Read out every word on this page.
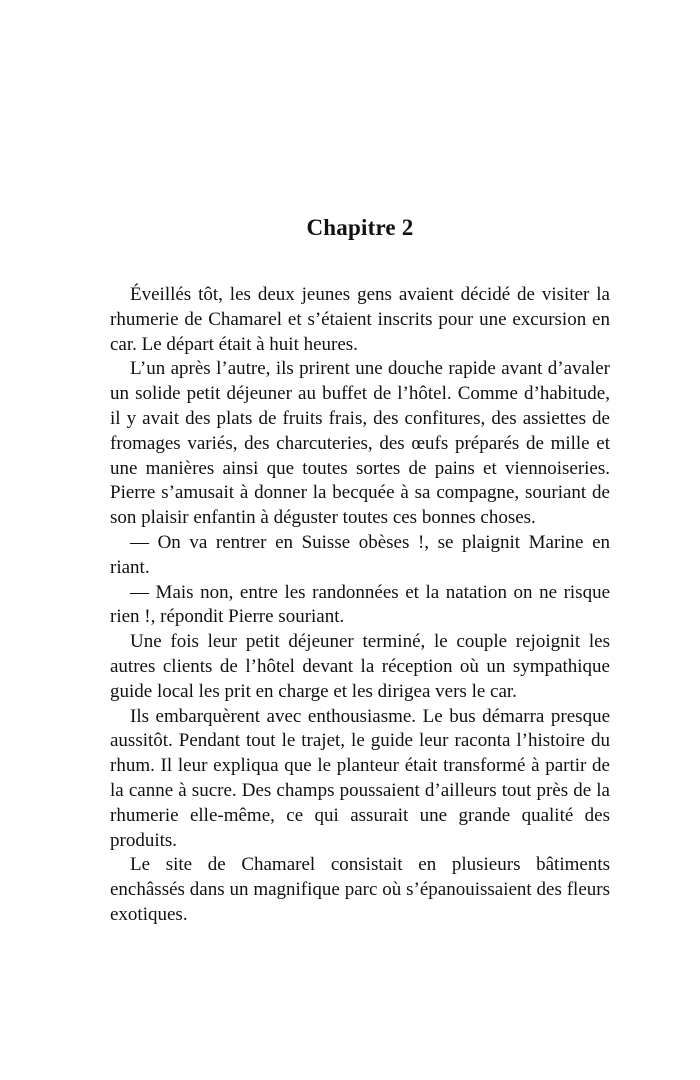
Chapitre 2

Éveillés tôt, les deux jeunes gens avaient décidé de visiter la rhumerie de Chamarel et s’étaient inscrits pour une excursion en car. Le départ était à huit heures.

L’un après l’autre, ils prirent une douche rapide avant d’avaler un solide petit déjeuner au buffet de l’hôtel. Comme d’habitude, il y avait des plats de fruits frais, des confitures, des assiettes de fromages variés, des charcuteries, des œufs préparés de mille et une manières ainsi que toutes sortes de pains et viennoiseries. Pierre s’amusait à donner la becquée à sa compagne, souriant de son plaisir enfantin à déguster toutes ces bonnes choses.

— On va rentrer en Suisse obèses !, se plaignit Marine en riant.

— Mais non, entre les randonnées et la natation on ne risque rien !, répondit Pierre souriant.

Une fois leur petit déjeuner terminé, le couple rejoignit les autres clients de l’hôtel devant la réception où un sympathique guide local les prit en charge et les dirigea vers le car.

Ils embarquèrent avec enthousiasme. Le bus démarra presque aussitôt. Pendant tout le trajet, le guide leur raconta l’histoire du rhum. Il leur expliqua que le planteur était transformé à partir de la canne à sucre. Des champs poussaient d’ailleurs tout près de la rhumerie elle-même, ce qui assurait une grande qualité des produits.

Le site de Chamarel consistait en plusieurs bâtiments enchâssés dans un magnifique parc où s’épanouissaient des fleurs exotiques.
